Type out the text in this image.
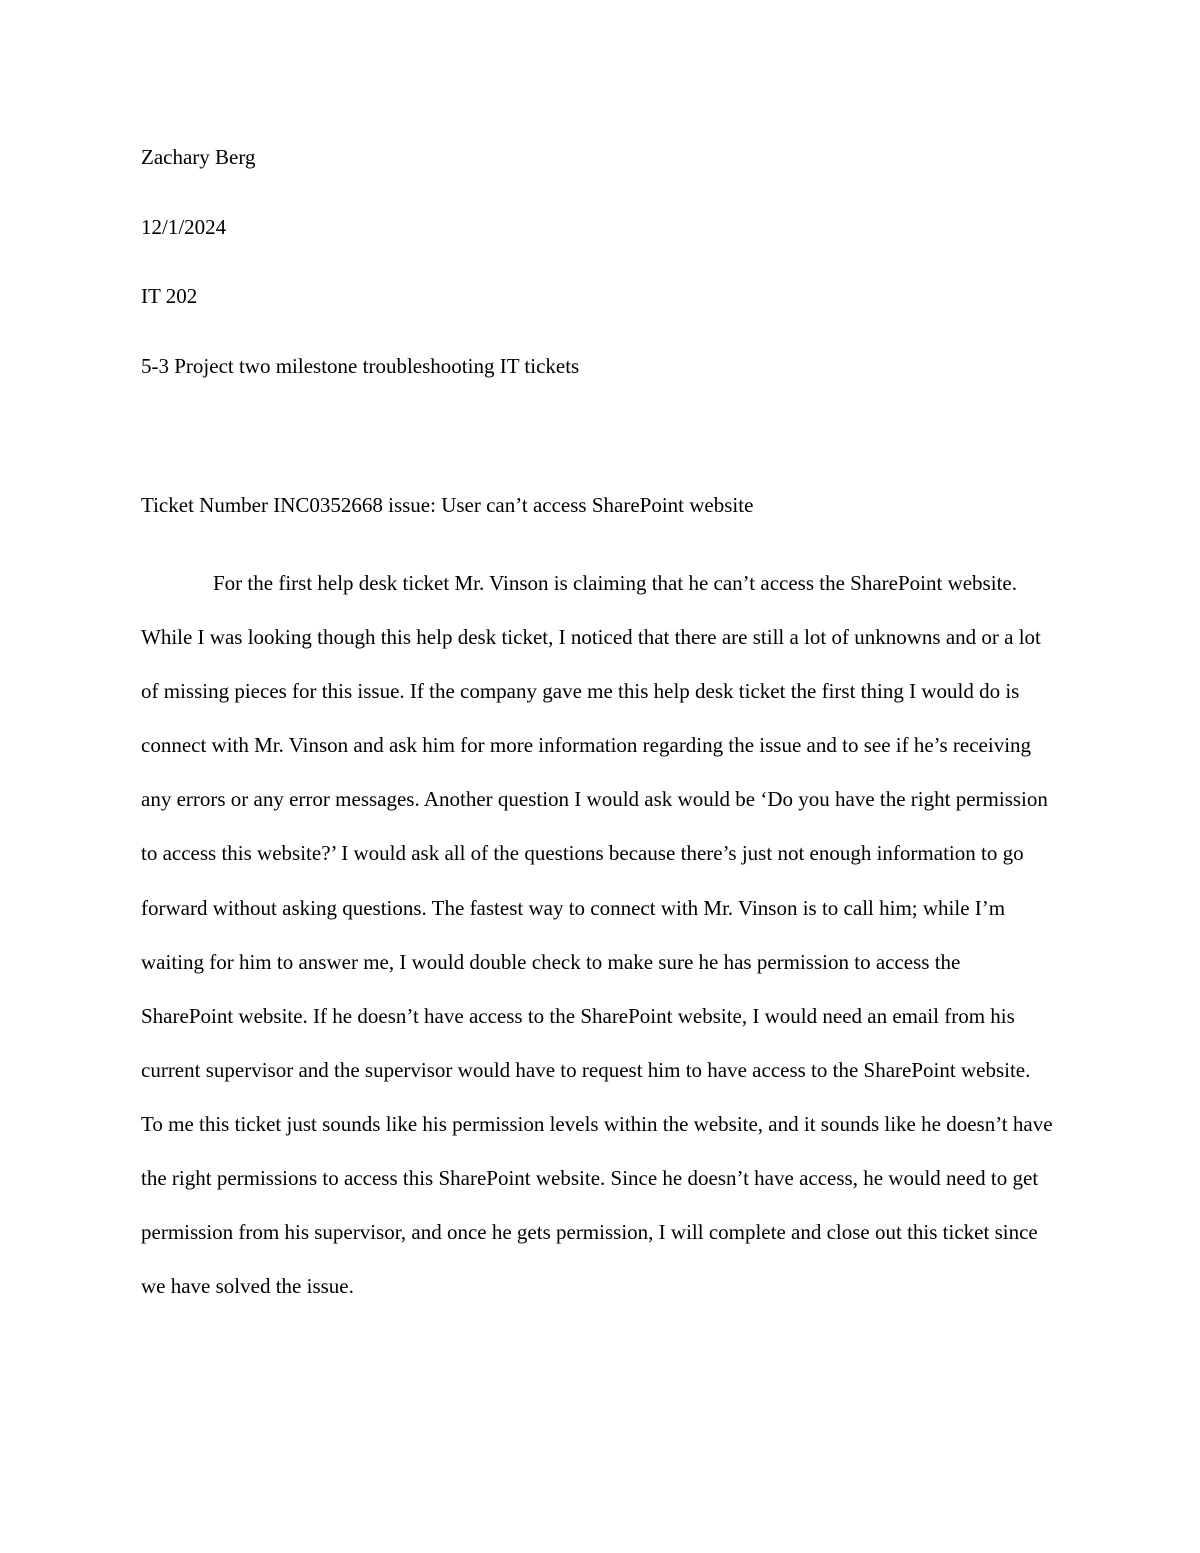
Zachary Berg

12/1/2024

IT 202

5-3 Project two milestone troubleshooting IT tickets

Ticket Number INC0352668 issue: User can’t access SharePoint website

For the first help desk ticket Mr. Vinson is claiming that he can’t access the SharePoint website. While I was looking though this help desk ticket, I noticed that there are still a lot of unknowns and or a lot of missing pieces for this issue. If the company gave me this help desk ticket the first thing I would do is connect with Mr. Vinson and ask him for more information regarding the issue and to see if he’s receiving any errors or any error messages. Another question I would ask would be ‘Do you have the right permission to access this website?’ I would ask all of the questions because there’s just not enough information to go forward without asking questions. The fastest way to connect with Mr. Vinson is to call him; while I’m waiting for him to answer me, I would double check to make sure he has permission to access the SharePoint website. If he doesn’t have access to the SharePoint website, I would need an email from his current supervisor and the supervisor would have to request him to have access to the SharePoint website. To me this ticket just sounds like his permission levels within the website, and it sounds like he doesn’t have the right permissions to access this SharePoint website. Since he doesn’t have access, he would need to get permission from his supervisor, and once he gets permission, I will complete and close out this ticket since we have solved the issue.
